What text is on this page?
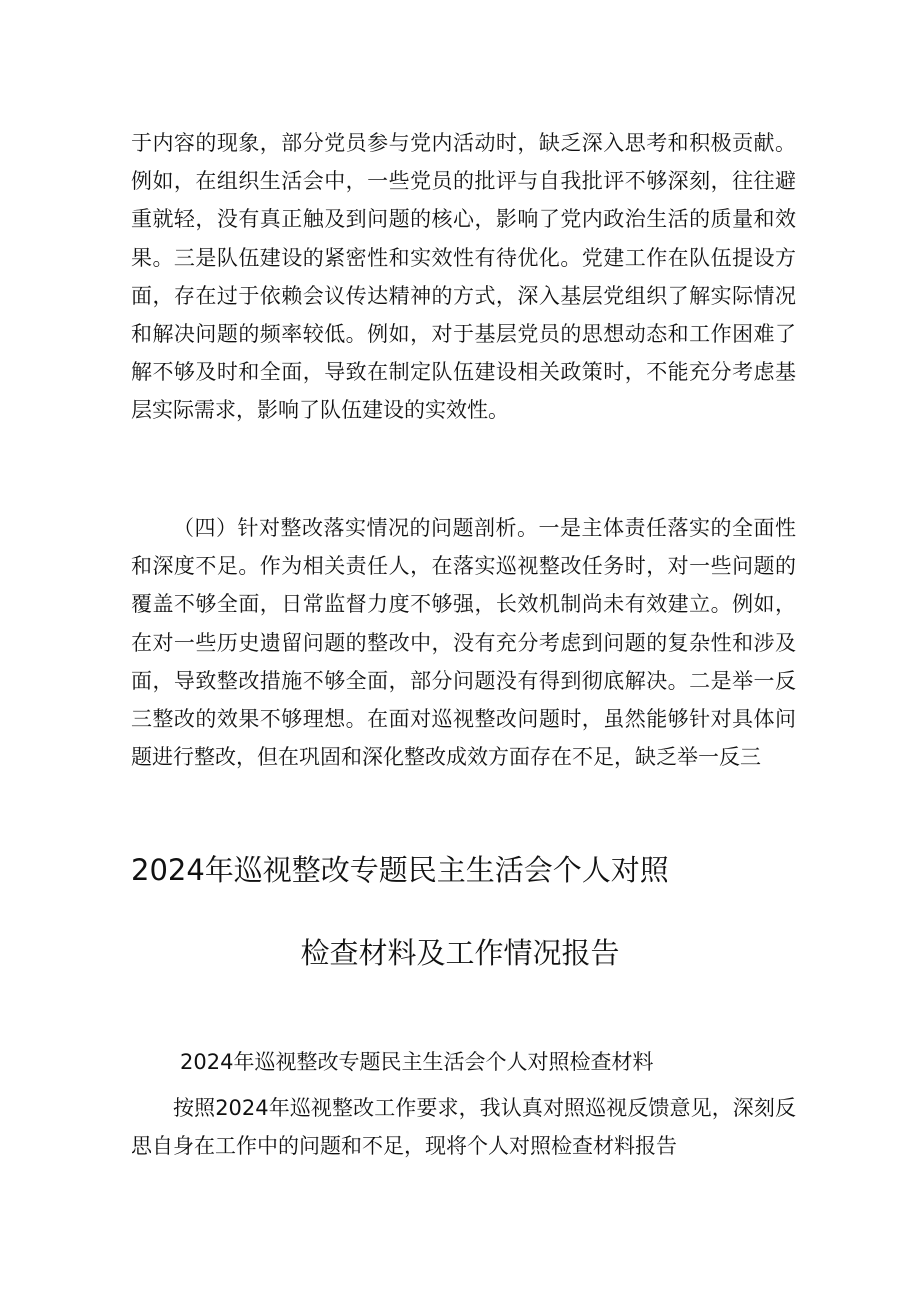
于内容的现象，部分党员参与党内活动时，缺乏深入思考和积极贡献。例如，在组织生活会中，一些党员的批评与自我批评不够深刻，往往避重就轻，没有真正触及到问题的核心，影响了党内政治生活的质量和效果。三是队伍建设的紧密性和实效性有待优化。党建工作在队伍提设方面，存在过于依赖会议传达精神的方式，深入基层党组织了解实际情况和解决问题的频率较低。例如，对于基层党员的思想动态和工作困难了解不够及时和全面，导致在制定队伍建设相关政策时，不能充分考虑基层实际需求，影响了队伍建设的实效性。

（四）针对整改落实情况的问题剖析。一是主体责任落实的全面性和深度不足。作为相关责任人，在落实巡视整改任务时，对一些问题的覆盖不够全面，日常监督力度不够强，长效机制尚未有效建立。例如，在对一些历史遗留问题的整改中，没有充分考虑到问题的复杂性和涉及面，导致整改措施不够全面，部分问题没有得到彻底解决。二是举一反三整改的效果不够理想。在面对巡视整改问题时，虽然能够针对具体问题进行整改，但在巩固和深化整改成效方面存在不足，缺乏举一反三

2024年巡视整改专题民主生活会个人对照
检查材料及工作情况报告

2024年巡视整改专题民主生活会个人对照检查材料

按照2024年巡视整改工作要求，我认真对照巡视反馈意见，深刻反思自身在工作中的问题和不足，现将个人对照检查材料报告
